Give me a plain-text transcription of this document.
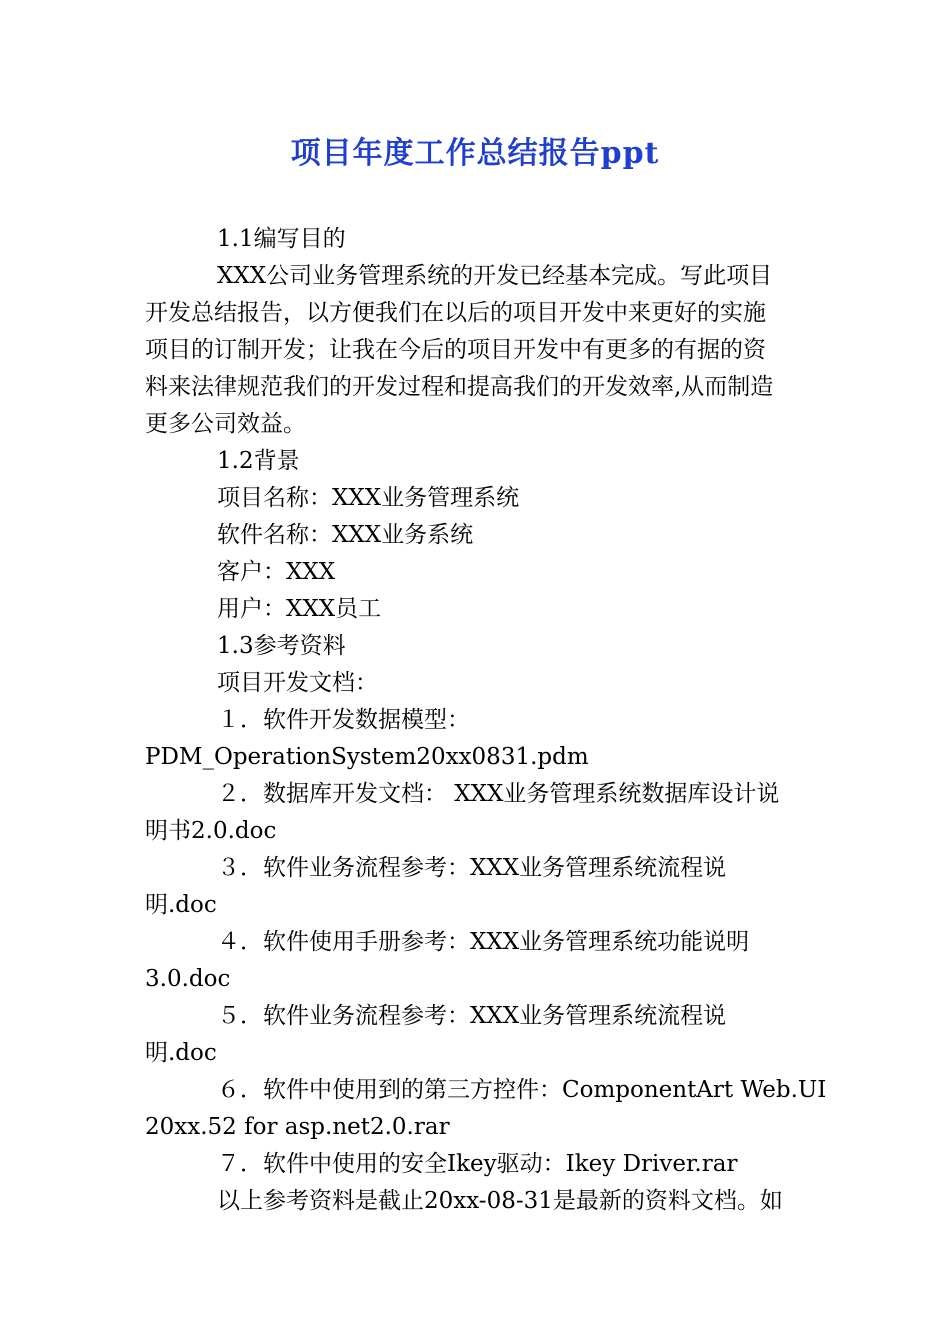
项目年度工作总结报告ppt
1.1编写目的
XXX公司业务管理系统的开发已经基本完成。写此项目
开发总结报告，以方便我们在以后的项目开发中来更好的实施
项目的订制开发；让我在今后的项目开发中有更多的有据的资
料来法律规范我们的开发过程和提高我们的开发效率,从而制造
更多公司效益。
1.2背景
项目名称：XXX业务管理系统
软件名称：XXX业务系统
客户：XXX
用户：XXX员工
1.3参考资料
项目开发文档：
１．软件开发数据模型：
PDM_OperationSystem20xx0831.pdm
２．数据库开发文档： XXX业务管理系统数据库设计说
明书2.0.doc
３．软件业务流程参考：XXX业务管理系统流程说
明.doc
４．软件使用手册参考：XXX业务管理系统功能说明
3.0.doc
５．软件业务流程参考：XXX业务管理系统流程说
明.doc
６．软件中使用到的第三方控件：ComponentArt Web.UI
20xx.52 for asp.net2.0.rar
７．软件中使用的安全Ikey驱动：Ikey Driver.rar
以上参考资料是截止20xx-08-31是最新的资料文档。如
